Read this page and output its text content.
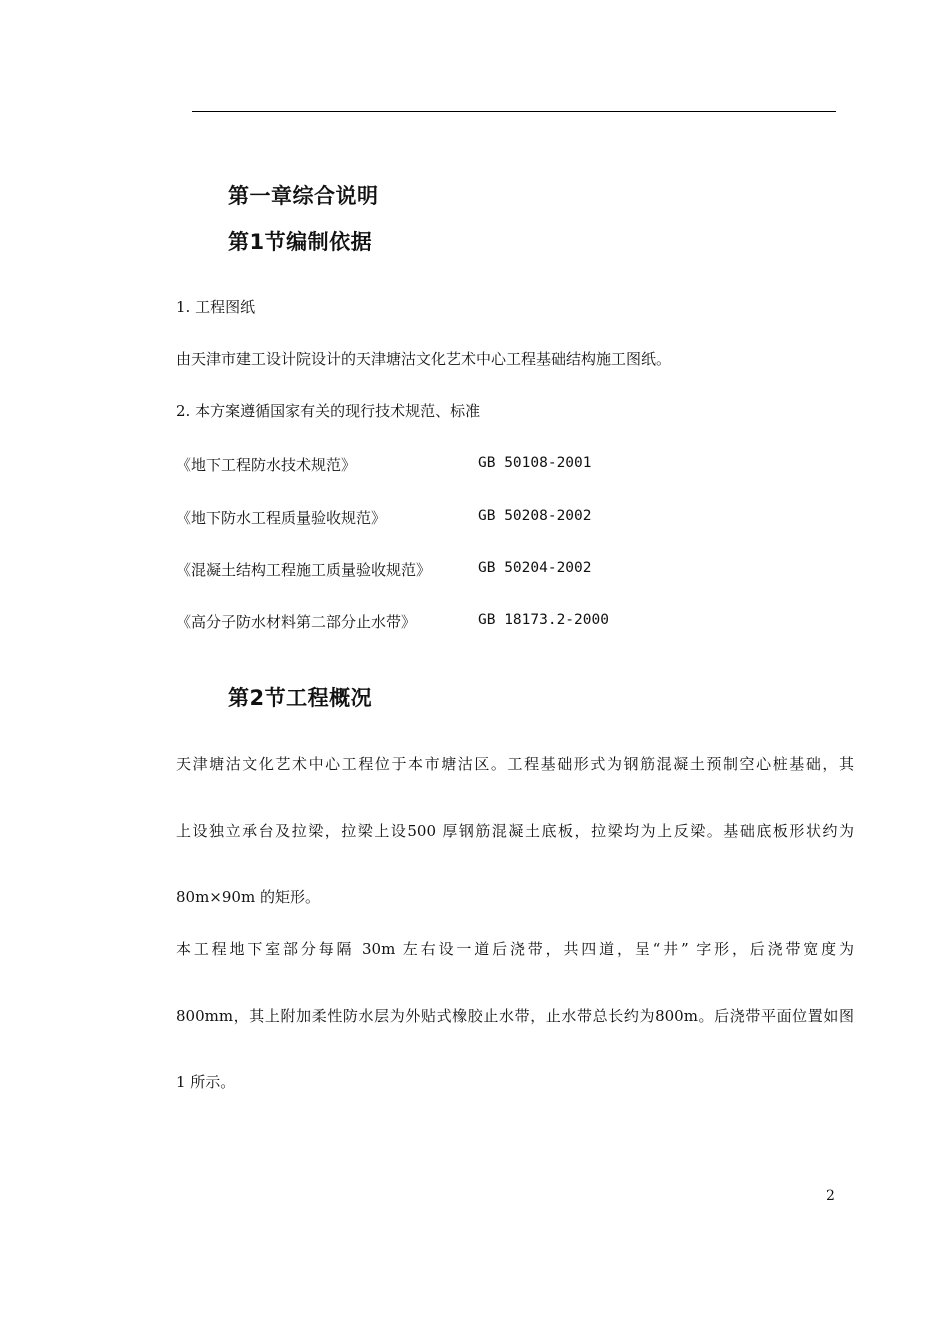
第一章综合说明
第1节编制依据
1. 工程图纸
由天津市建工设计院设计的天津塘沽文化艺术中心工程基础结构施工图纸。
2. 本方案遵循国家有关的现行技术规范、标准
《地下工程防水技术规范》	GB 50108-2001
《地下防水工程质量验收规范》	GB 50208-2002
《混凝土结构工程施工质量验收规范》	GB 50204-2002
《高分子防水材料第二部分止水带》	GB 18173.2-2000
第2节工程概况
天津塘沽文化艺术中心工程位于本市塘沽区。工程基础形式为钢筋混凝土预制空心桩基础，其
上设独立承台及拉梁，拉梁上设500 厚钢筋混凝土底板，拉梁均为上反梁。基础底板形状约为
80m×90m 的矩形。
本工程地下室部分每隔 30m 左右设一道后浇带，共四道，呈“井” 字形，后浇带宽度为
800mm，其上附加柔性防水层为外贴式橡胶止水带，止水带总长约为800m。后浇带平面位置如图
1 所示。
2
